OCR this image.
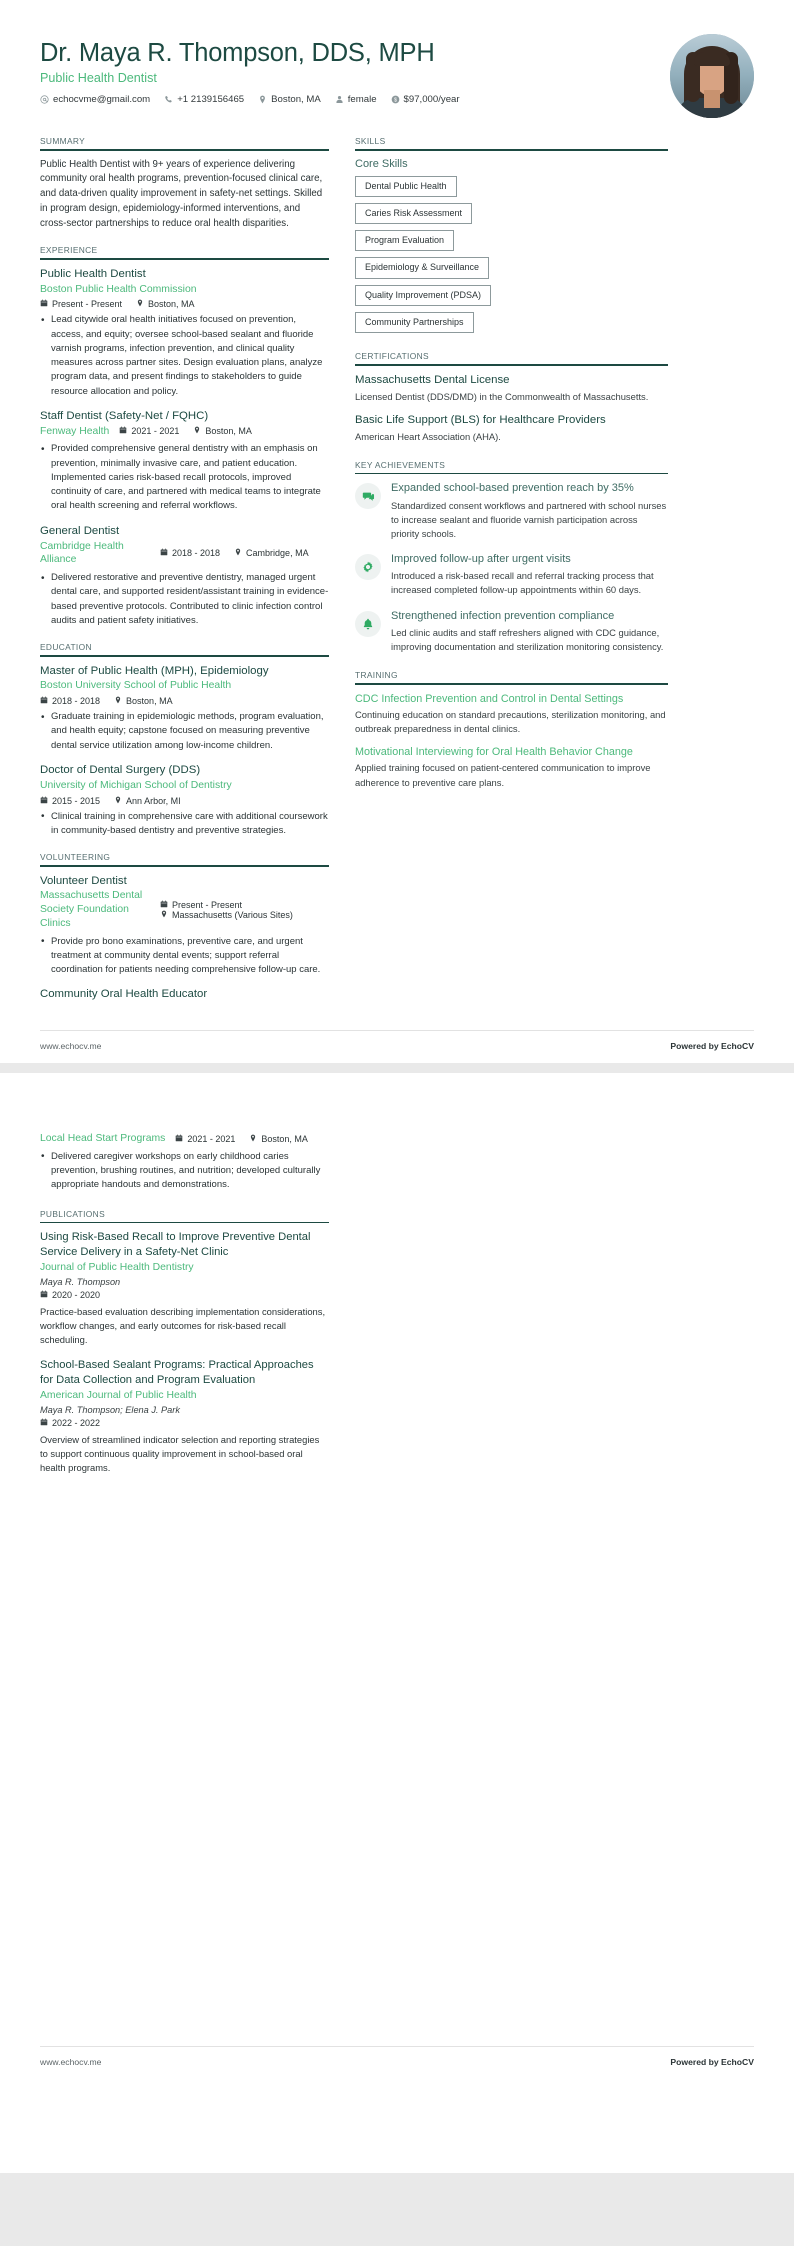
Dr. Maya R. Thompson, DDS, MPH
Public Health Dentist
echocvme@gmail.com	+1 2139156465	Boston, MA	female $ $97,000/year
SUMMARY
Public Health Dentist with 9+ years of experience delivering community oral health programs, prevention-focused clinical care, and data-driven quality improvement in safety-net settings. Skilled in program design, epidemiology-informed interventions, and cross-sector partnerships to reduce oral health disparities.
EXPERIENCE
Public Health Dentist
Boston Public Health Commission
Present - Present	Boston, MA
• Lead citywide oral health initiatives focused on prevention, access, and equity; oversee school-based sealant and fluoride varnish programs, infection prevention, and clinical quality measures across partner sites. Design evaluation plans, analyze program data, and present findings to stakeholders to guide resource allocation and policy.
Staff Dentist (Safety-Net / FQHC)
Fenway Health 2021 - 2021	Boston, MA
• Provided comprehensive general dentistry with an emphasis on prevention, minimally invasive care, and patient education. Implemented caries risk-based recall protocols, improved continuity of care, and partnered with medical teams to integrate oral health screening and referral workflows.
General Dentist
Cambridge Health Alliance
2018 - 2018	Cambridge, MA
• Delivered restorative and preventive dentistry, managed urgent dental care, and supported resident/assistant training in evidence-based preventive protocols. Contributed to clinic infection control audits and patient safety initiatives.
EDUCATION
Master of Public Health (MPH), Epidemiology
Boston University School of Public Health
2018 - 2018	Boston, MA
• Graduate training in epidemiologic methods, program evaluation, and health equity; capstone focused on measuring preventive dental service utilization among low-income children.
Doctor of Dental Surgery (DDS)
University of Michigan School of Dentistry
2015 - 2015	Ann Arbor, MI
• Clinical training in comprehensive care with additional coursework in community-based dentistry and preventive strategies.
VOLUNTEERING
Volunteer Dentist
Massachusetts Dental Society Foundation Clinics
Present - Present
Massachusetts (Various Sites)
• Provide pro bono examinations, preventive care, and urgent treatment at community dental events; support referral coordination for patients needing comprehensive follow-up care.
Community Oral Health Educator
SKILLS
Core Skills
Dental Public Health
Caries Risk Assessment
Program Evaluation
Epidemiology & Surveillance
Quality Improvement (PDSA)
Community Partnerships
CERTIFICATIONS
Massachusetts Dental License
Licensed Dentist (DDS/DMD) in the Commonwealth of Massachusetts.
Basic Life Support (BLS) for Healthcare Providers
American Heart Association (AHA).
KEY ACHIEVEMENTS
Expanded school-based prevention reach by 35%
Standardized consent workflows and partnered with school nurses to increase sealant and fluoride varnish participation across priority schools.
Improved follow-up after urgent visits
Introduced a risk-based recall and referral tracking process that increased completed follow-up appointments within 60 days.
Strengthened infection prevention compliance
Led clinic audits and staff refreshers aligned with CDC guidance, improving documentation and sterilization monitoring consistency.
TRAINING
CDC Infection Prevention and Control in Dental Settings
Continuing education on standard precautions, sterilization monitoring, and outbreak preparedness in dental clinics.
Motivational Interviewing for Oral Health Behavior Change
Applied training focused on patient-centered communication to improve adherence to preventive care plans.
www.echocv.me	Powered by EchoCV
Local Head Start Programs 2021 - 2021	Boston, MA
• Delivered caregiver workshops on early childhood caries prevention, brushing routines, and nutrition; developed culturally appropriate handouts and demonstrations.
PUBLICATIONS
Using Risk-Based Recall to Improve Preventive Dental Service Delivery in a Safety-Net Clinic
Journal of Public Health Dentistry
Maya R. Thompson
2020 - 2020
Practice-based evaluation describing implementation considerations, workflow changes, and early outcomes for risk-based recall scheduling.
School-Based Sealant Programs: Practical Approaches for Data Collection and Program Evaluation
American Journal of Public Health
Maya R. Thompson; Elena J. Park
2022 - 2022
Overview of streamlined indicator selection and reporting strategies to support continuous quality improvement in school-based oral health programs.
www.echocv.me	Powered by EchoCV
